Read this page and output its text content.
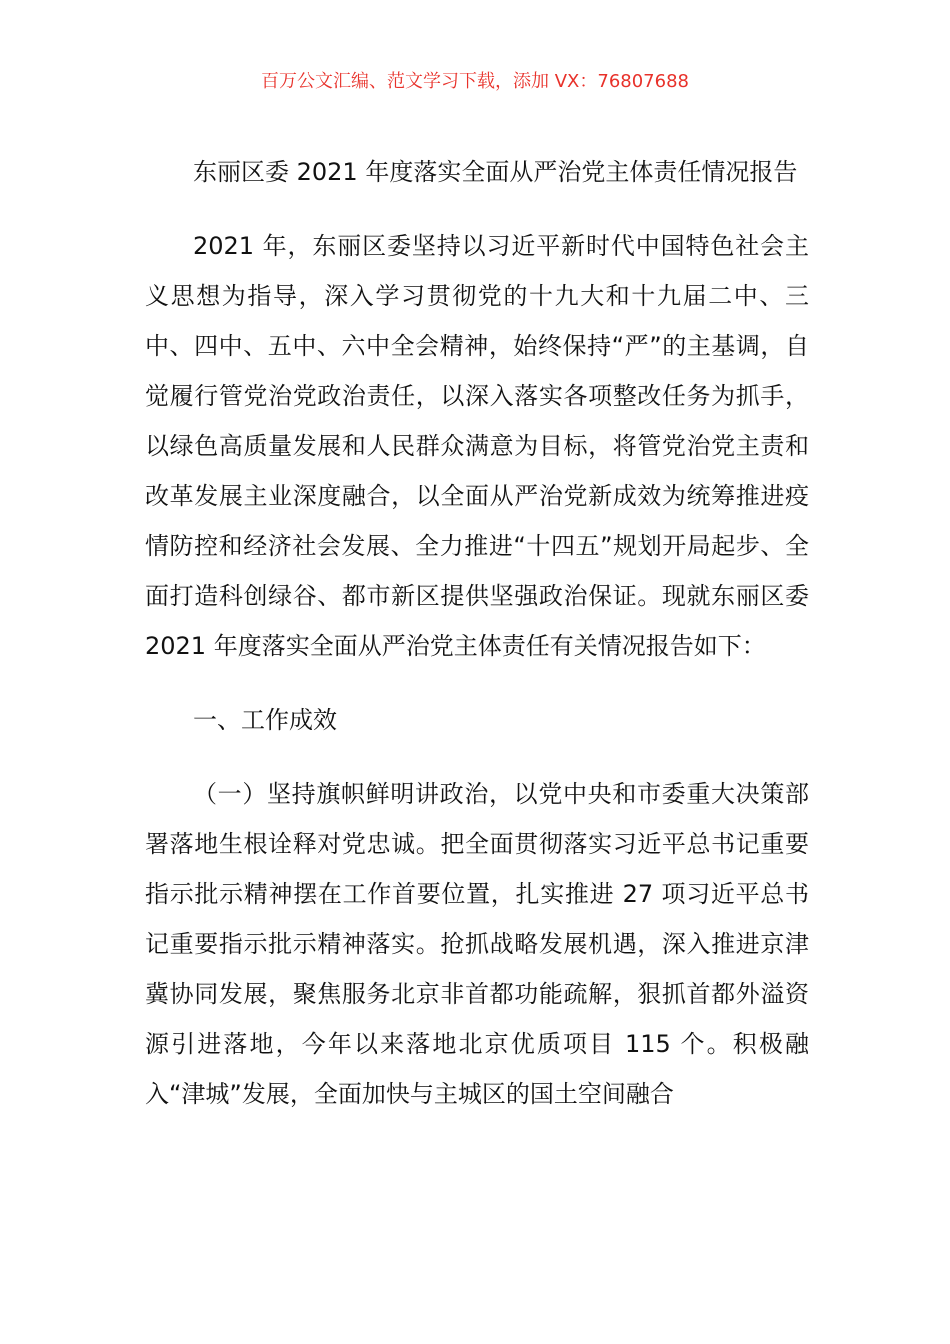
百万公文汇编、范文学习下载，添加 VX：76807688

东丽区委 2021 年度落实全面从严治党主体责任情况报告

2021 年，东丽区委坚持以习近平新时代中国特色社会主义思想为指导，深入学习贯彻党的十九大和十九届二中、三中、四中、五中、六中全会精神，始终保持“严”的主基调，自觉履行管党治党政治责任，以深入落实各项整改任务为抓手，以绿色高质量发展和人民群众满意为目标，将管党治党主责和改革发展主业深度融合，以全面从严治党新成效为统筹推进疫情防控和经济社会发展、全力推进“十四五”规划开局起步、全面打造科创绿谷、都市新区提供坚强政治保证。现就东丽区委 2021 年度落实全面从严治党主体责任有关情况报告如下：

一、工作成效

（一）坚持旗帜鲜明讲政治，以党中央和市委重大决策部署落地生根诠释对党忠诚。把全面贯彻落实习近平总书记重要指示批示精神摆在工作首要位置，扎实推进 27 项习近平总书记重要指示批示精神落实。抢抓战略发展机遇，深入推进京津冀协同发展，聚焦服务北京非首都功能疏解，狠抓首都外溢资源引进落地，今年以来落地北京优质项目 115 个。积极融入“津城”发展，全面加快与主城区的国土空间融合
